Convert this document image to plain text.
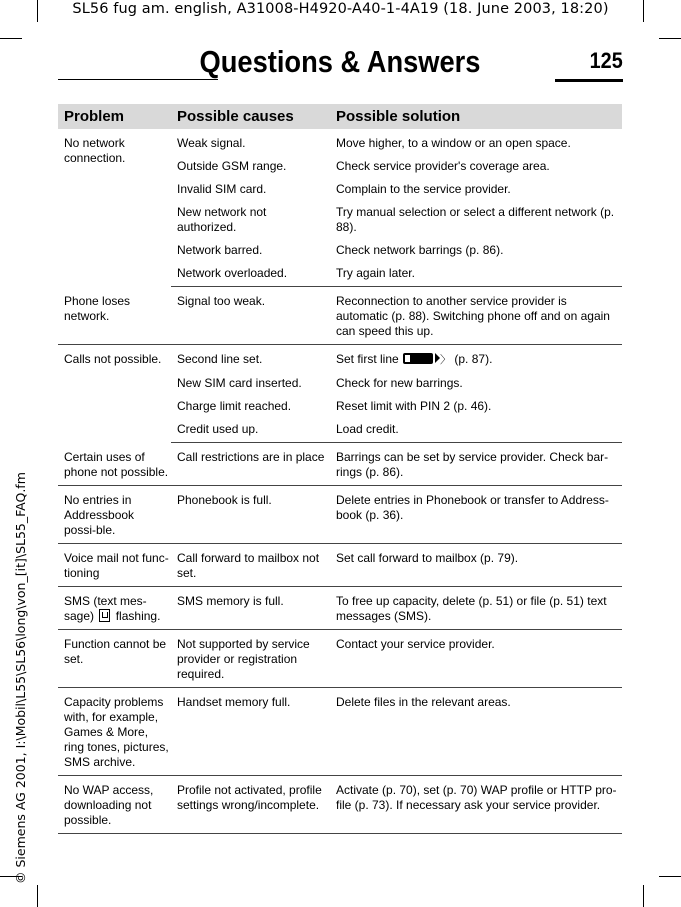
SL56 fug am. english, A31008-H4920-A40-1-4A19 (18. June 2003, 18:20)
© Siemens AG 2001, I:\Mobil\L55\SL56\long\von_[it]\SL55_FAQ.fm
Questions & Answers	125
Problem	Possible causes	Possible solution
No network connection.	Weak signal.	Move higher, to a window or an open space.
	Outside GSM range.	Check service provider's coverage area.
	Invalid SIM card.	Complain to the service provider.
	New network not authorized.	Try manual selection or select a different network (p. 88).
	Network barred.	Check network barrings (p. 86).
	Network overloaded.	Try again later.
Phone loses network.	Signal too weak.	Reconnection to another service provider is automatic (p. 88). Switching phone off and on again can speed this up.
Calls not possible.	Second line set.	Set first line 〉 (p. 87).
	New SIM card inserted.	Check for new barrings.
	Charge limit reached.	Reset limit with PIN 2 (p. 46).
	Credit used up.	Load credit.
Certain uses of phone not possible.	Call restrictions are in place	Barrings can be set by service provider. Check bar-rings (p. 86).
No entries in Addressbook possi-ble.	Phonebook is full.	Delete entries in Phonebook or transfer to Address-book (p. 36).
Voice mail not func-tioning	Call forward to mailbox not set.	Set call forward to mailbox (p. 79).
SMS (text mes-sage) flashing.	SMS memory is full.	To free up capacity, delete (p. 51) or file (p. 51) text messages (SMS).
Function cannot be set.	Not supported by service provider or registration required.	Contact your service provider.
Capacity problems with, for example, Games & More, ring tones, pictures, SMS archive.	Handset memory full.	Delete files in the relevant areas.
No WAP access, downloading not possible.	Profile not activated, profile settings wrong/incomplete.	Activate (p. 70), set (p. 70) WAP profile or HTTP pro-file (p. 73). If necessary ask your service provider.
